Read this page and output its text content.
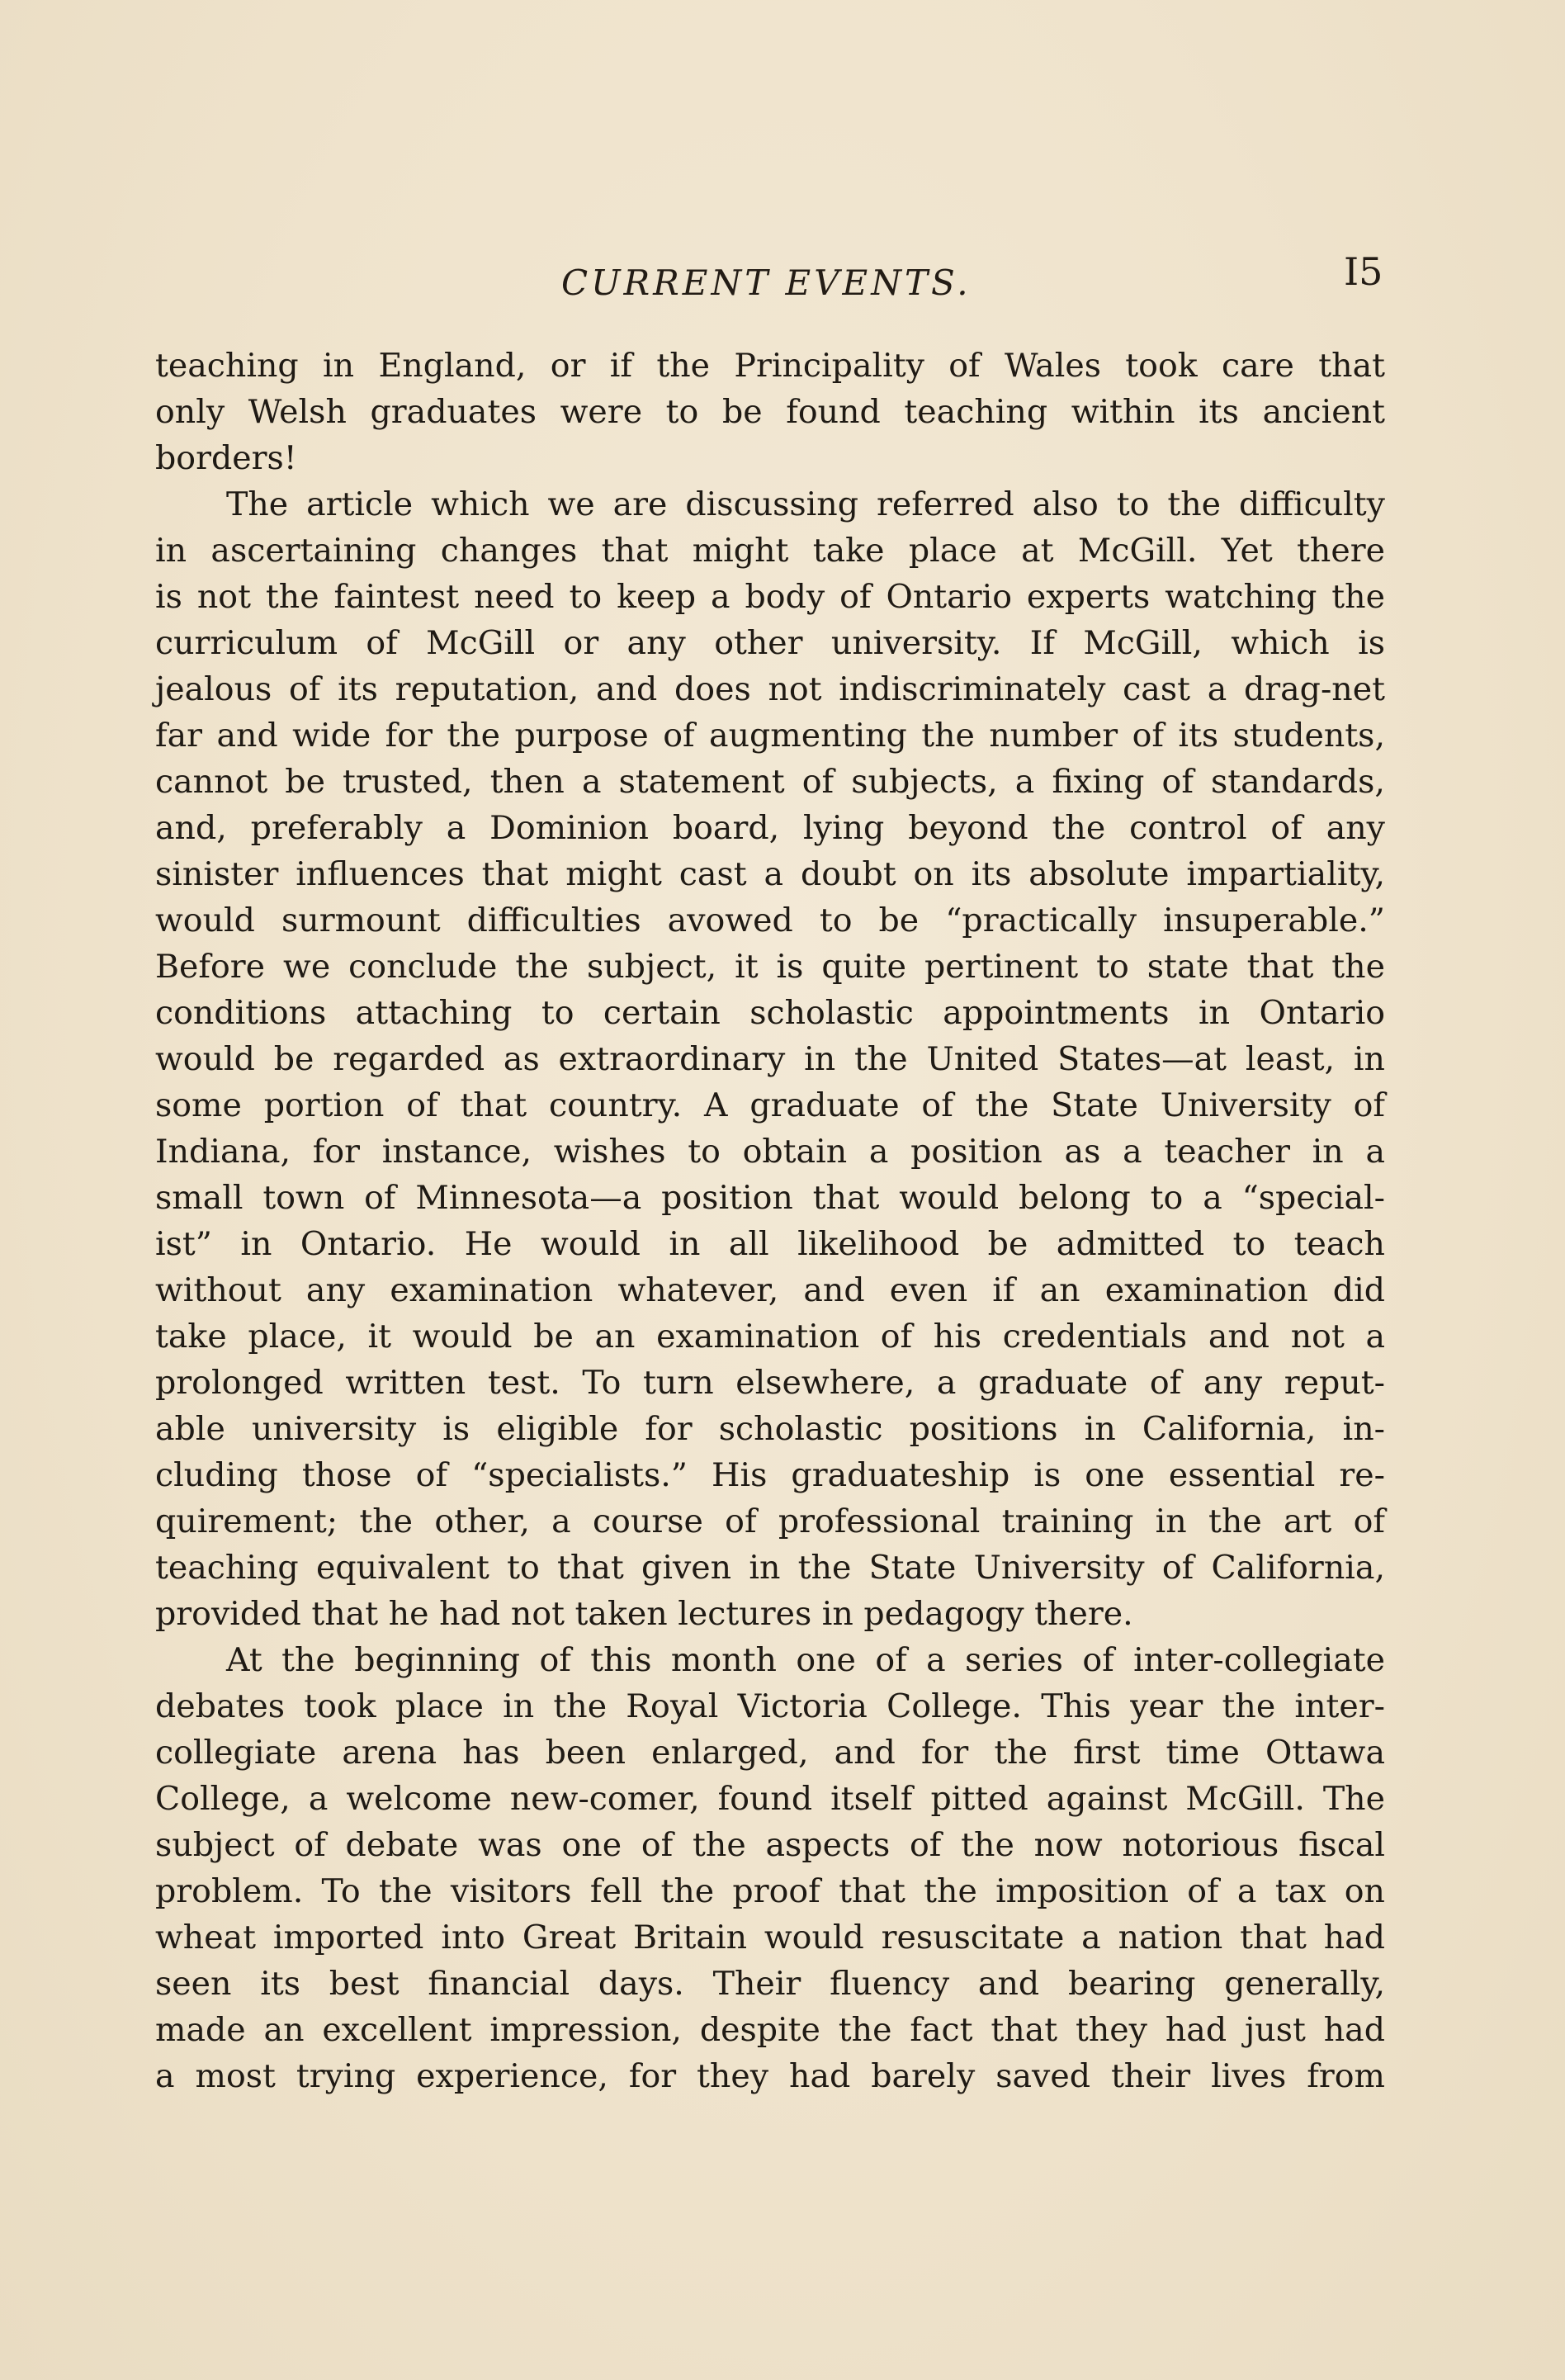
CURRENT EVENTS.	I5
teaching in England, or if the Principality of Wales took care that
only Welsh graduates were to be found teaching within its ancient
borders!
The article which we are discussing referred also to the difficulty
in ascertaining changes that might take place at McGill. Yet there
is not the faintest need to keep a body of Ontario experts watching the
curriculum of McGill or any other university. If McGill, which is
jealous of its reputation, and does not indiscriminately cast a drag-net
far and wide for the purpose of augmenting the number of its students,
cannot be trusted, then a statement of subjects, a fixing of standards,
and, preferably a Dominion board, lying beyond the control of any
sinister influences that might cast a doubt on its absolute impartiality,
would surmount difficulties avowed to be “practically insuperable.”
Before we conclude the subject, it is quite pertinent to state that the
conditions attaching to certain scholastic appointments in Ontario
would be regarded as extraordinary in the United States—at least, in
some portion of that country. A graduate of the State University of
Indiana, for instance, wishes to obtain a position as a teacher in a
small town of Minnesota—a position that would belong to a “special-
ist” in Ontario. He would in all likelihood be admitted to teach
without any examination whatever, and even if an examination did
take place, it would be an examination of his credentials and not a
prolonged written test. To turn elsewhere, a graduate of any reput-
able university is eligible for scholastic positions in California, in-
cluding those of “specialists.” His graduateship is one essential re-
quirement; the other, a course of professional training in the art of
teaching equivalent to that given in the State University of California,
provided that he had not taken lectures in pedagogy there.
At the beginning of this month one of a series of inter-collegiate
debates took place in the Royal Victoria College. This year the inter-
collegiate arena has been enlarged, and for the first time Ottawa
College, a welcome new-comer, found itself pitted against McGill. The
subject of debate was one of the aspects of the now notorious fiscal
problem. To the visitors fell the proof that the imposition of a tax on
wheat imported into Great Britain would resuscitate a nation that had
seen its best financial days. Their fluency and bearing generally,
made an excellent impression, despite the fact that they had just had
a most trying experience, for they had barely saved their lives from
